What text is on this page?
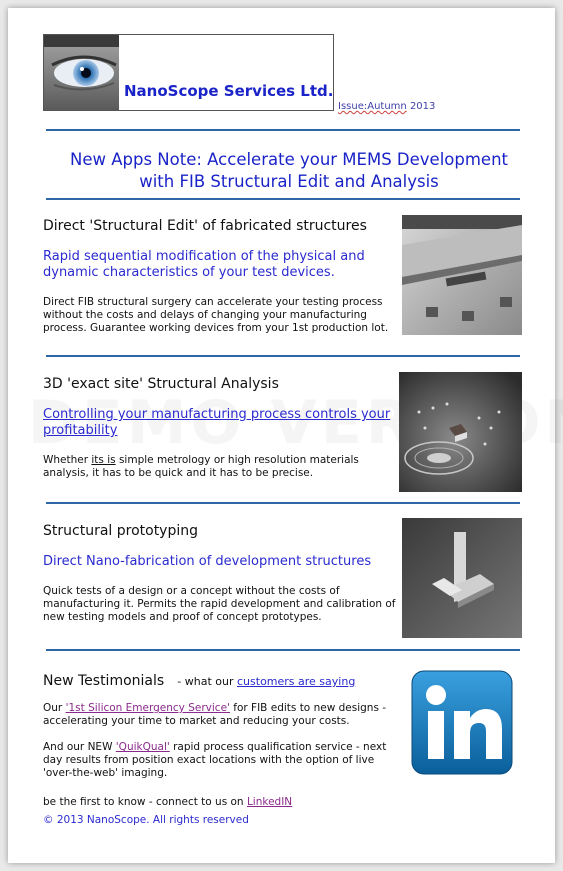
NanoScope Services Ltd.
Issue:Autumn 2013
New Apps Note: Accelerate your MEMS Development
with FIB Structural Edit and Analysis
Direct 'Structural Edit' of fabricated structures
Rapid sequential modification of the physical and dynamic characteristics of your test devices.
Direct FIB structural surgery can accelerate your testing process without the costs and delays of changing your manufacturing process. Guarantee working devices from your 1st production lot.
3D 'exact site' Structural Analysis
Controlling your manufacturing process controls your profitability
Whether its is simple metrology or high resolution materials analysis, it has to be quick and it has to be precise.
Structural prototyping
Direct Nano-fabrication of development structures
Quick tests of a design or a concept without the costs of manufacturing it. Permits the rapid development and calibration of new testing models and proof of concept prototypes.
New Testimonials - what our customers are saying
Our '1st Silicon Emergency Service' for FIB edits to new designs - accelerating your time to market and reducing your costs.
And our NEW 'QuikQual' rapid process qualification service - next day results from position exact locations with the option of live 'over-the-web' imaging.
be the first to know - connect to us on LinkedIN
© 2013 NanoScope. All rights reserved
